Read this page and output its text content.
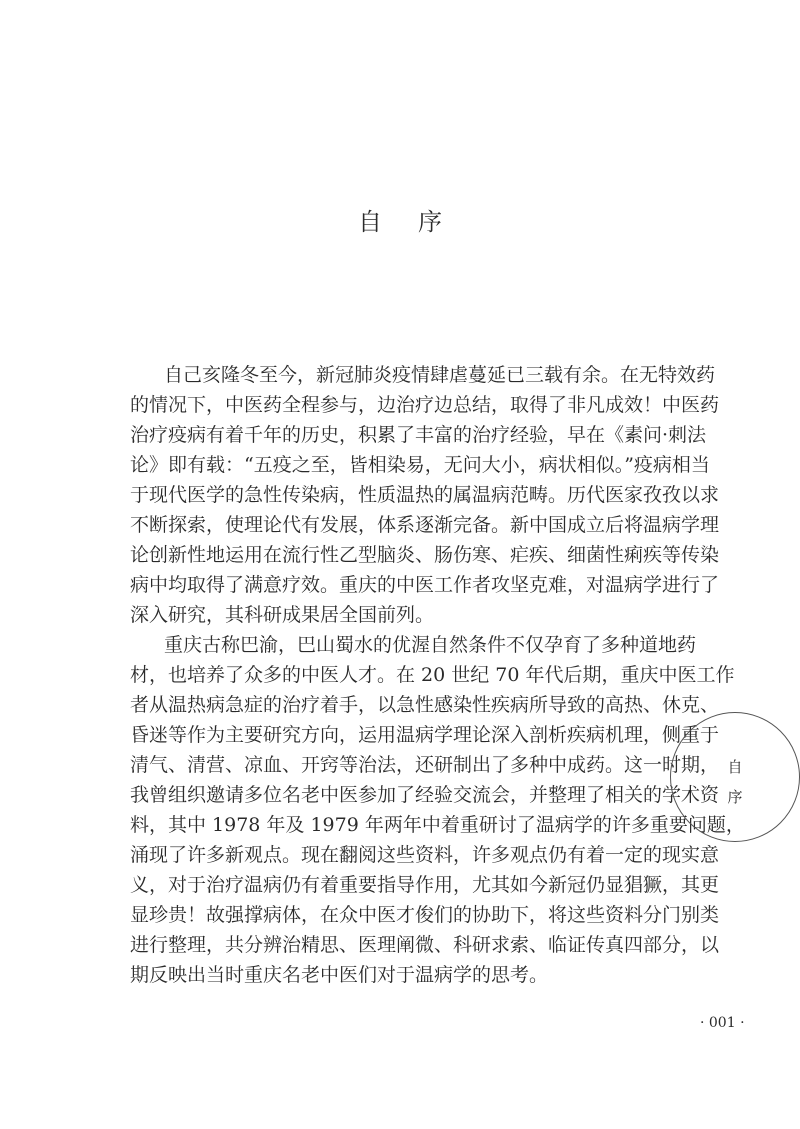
自 序
自己亥隆冬至今，新冠肺炎疫情肆虐蔓延已三载有余。在无特效药
的情况下，中医药全程参与，边治疗边总结，取得了非凡成效！中医药
治疗疫病有着千年的历史，积累了丰富的治疗经验，早在《素问·刺法
论》即有载：“五疫之至，皆相染易，无问大小，病状相似。”疫病相当
于现代医学的急性传染病，性质温热的属温病范畴。历代医家孜孜以求
不断探索，使理论代有发展，体系逐渐完备。新中国成立后将温病学理
论创新性地运用在流行性乙型脑炎、肠伤寒、疟疾、细菌性痢疾等传染
病中均取得了满意疗效。重庆的中医工作者攻坚克难，对温病学进行了
深入研究，其科研成果居全国前列。
重庆古称巴渝，巴山蜀水的优渥自然条件不仅孕育了多种道地药
材，也培养了众多的中医人才。在 20 世纪 70 年代后期，重庆中医工作
者从温热病急症的治疗着手，以急性感染性疾病所导致的高热、休克、
昏迷等作为主要研究方向，运用温病学理论深入剖析疾病机理，侧重于
清气、清营、凉血、开窍等治法，还研制出了多种中成药。这一时期，
我曾组织邀请多位名老中医参加了经验交流会，并整理了相关的学术资
料，其中 1978 年及 1979 年两年中着重研讨了温病学的许多重要问题，
涌现了许多新观点。现在翻阅这些资料，许多观点仍有着一定的现实意
义，对于治疗温病仍有着重要指导作用，尤其如今新冠仍显猖獗，其更
显珍贵！故强撑病体，在众中医才俊们的协助下，将这些资料分门别类
进行整理，共分辨治精思、医理阐微、科研求索、临证传真四部分，以
期反映出当时重庆名老中医们对于温病学的思考。
自
序
· 001 ·
